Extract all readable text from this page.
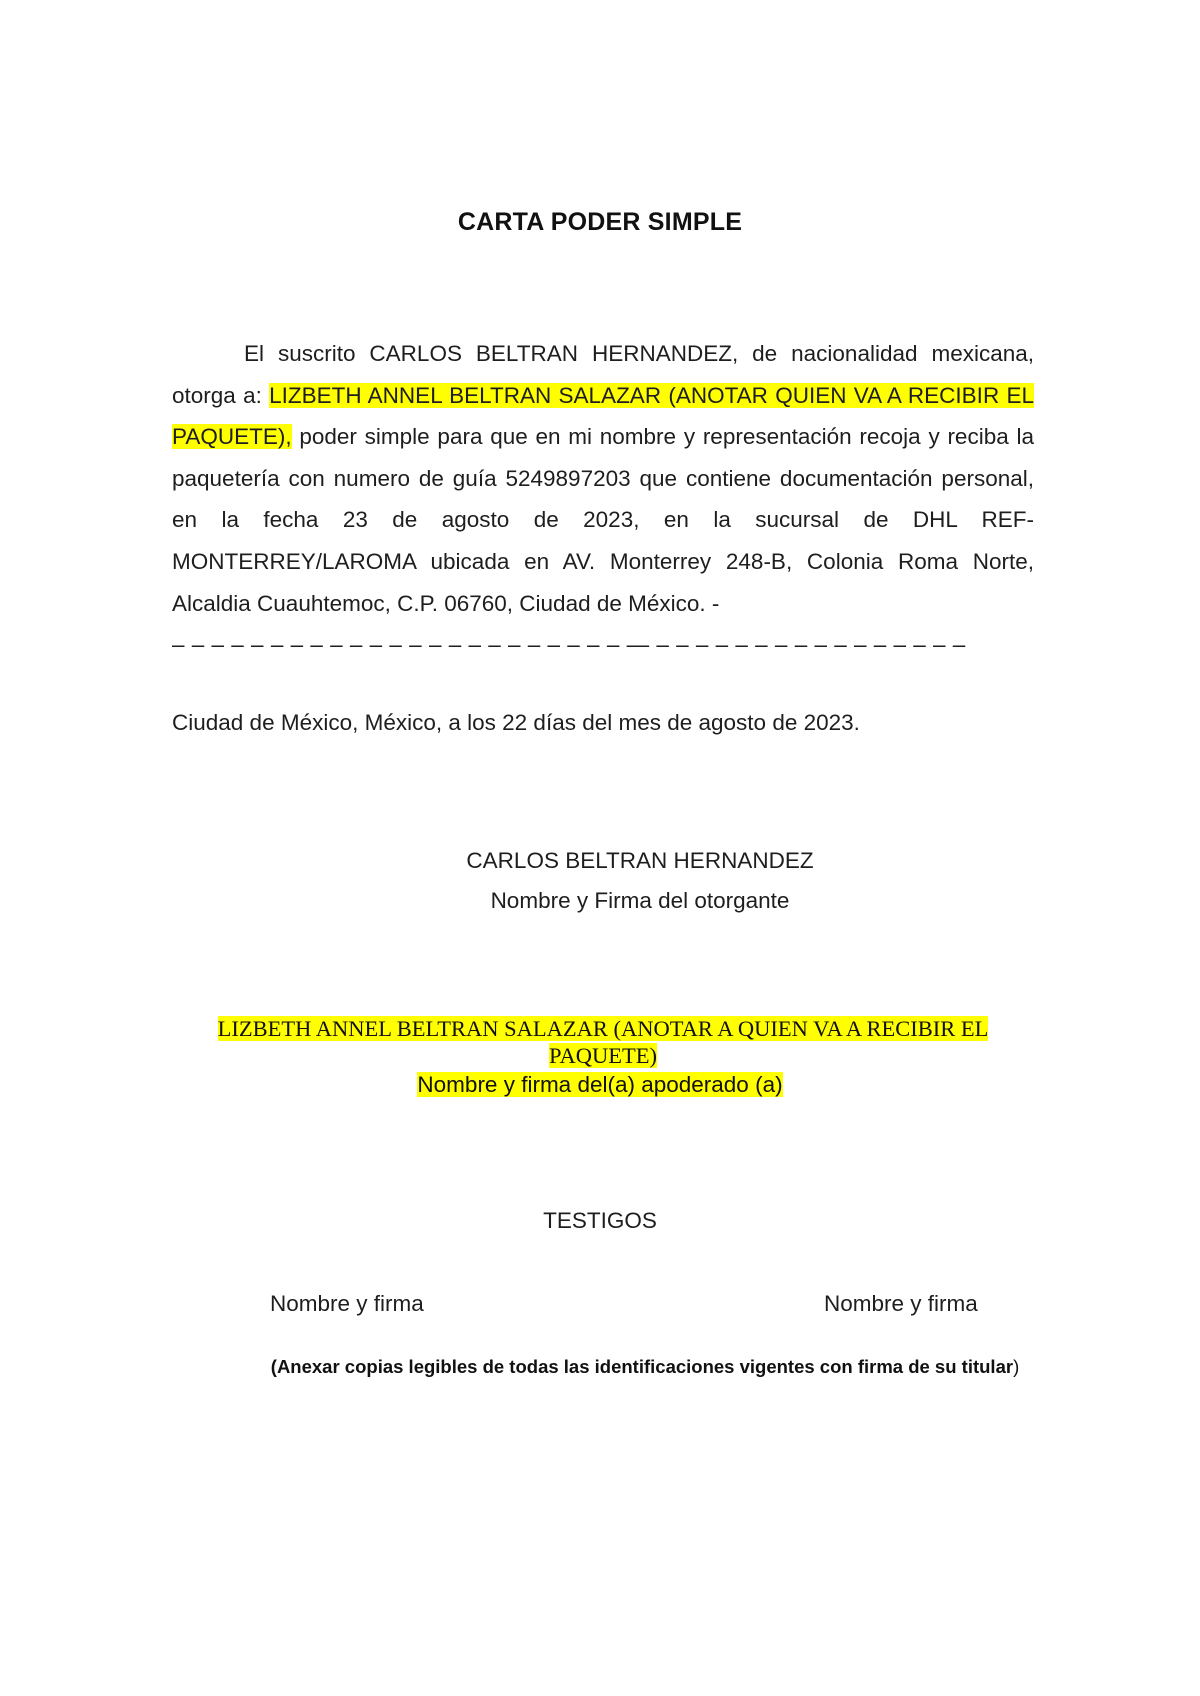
CARTA PODER SIMPLE
El suscrito CARLOS BELTRAN HERNANDEZ, de nacionalidad mexicana, otorga a: LIZBETH ANNEL BELTRAN SALAZAR (ANOTAR QUIEN VA A RECIBIR EL PAQUETE), poder simple para que en mi nombre y representación recoja y reciba la paquetería con numero de guía 5249897203 que contiene documentación personal, en la fecha 23 de agosto de 2023, en la sucursal de DHL REF- MONTERREY/LAROMA ubicada en AV. Monterrey 248-B, Colonia Roma Norte, Alcaldia Cuauhtemoc, C.P. 06760, Ciudad de México. -
– – – – – – – – – – – – – – – – – – – – – – – — – – – – – – – – – – – – – – – –
Ciudad de México, México, a los 22 días del mes de agosto de 2023.
CARLOS BELTRAN HERNANDEZ
Nombre y Firma del otorgante
LIZBETH ANNEL BELTRAN SALAZAR (ANOTAR A QUIEN VA A RECIBIR EL PAQUETE)
Nombre y firma del(a) apoderado (a)
TESTIGOS
Nombre y firma	Nombre y firma
(Anexar copias legibles de todas las identificaciones vigentes con firma de su titular)
